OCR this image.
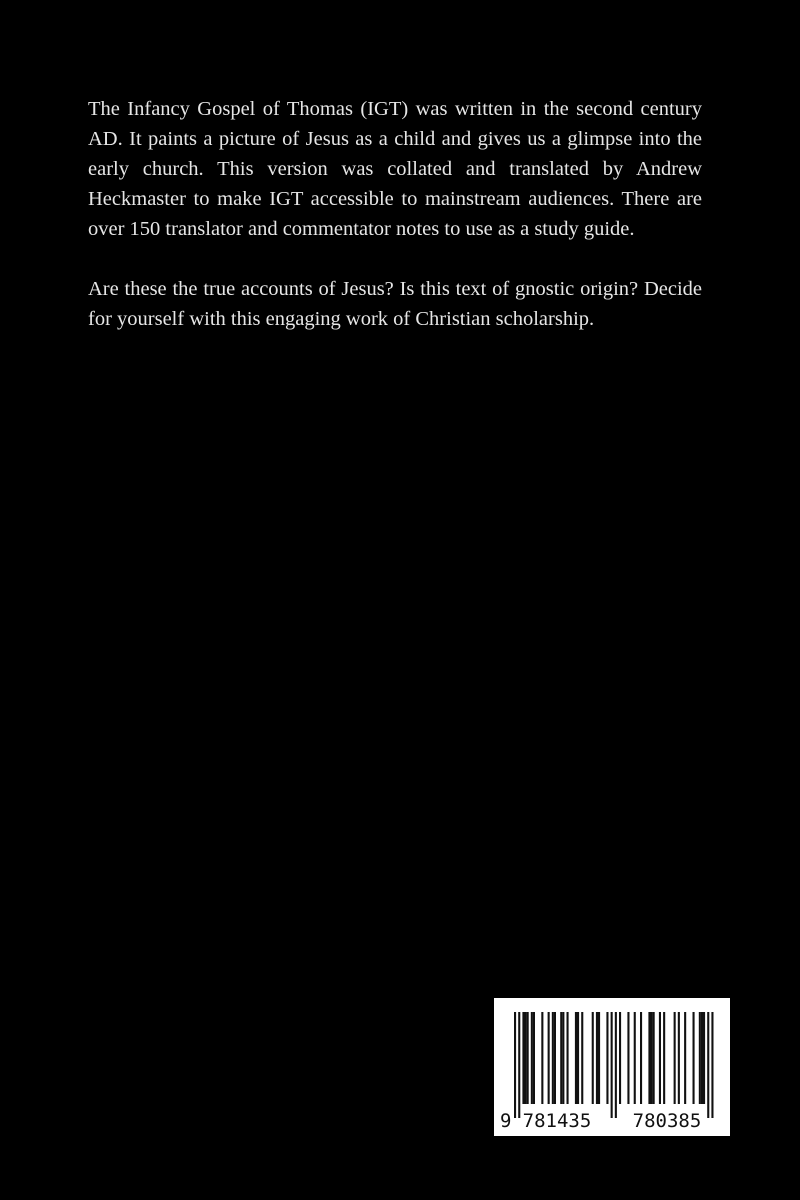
The Infancy Gospel of Thomas (IGT) was written in the second century AD. It paints a picture of Jesus as a child and gives us a glimpse into the early church. This version was collated and translated by Andrew Heckmaster to make IGT accessible to mainstream audiences. There are over 150 translator and commentator notes to use as a study guide.

Are these the true accounts of Jesus? Is this text of gnostic origin? Decide for yourself with this engaging work of Christian scholarship.

9 781435 780385
